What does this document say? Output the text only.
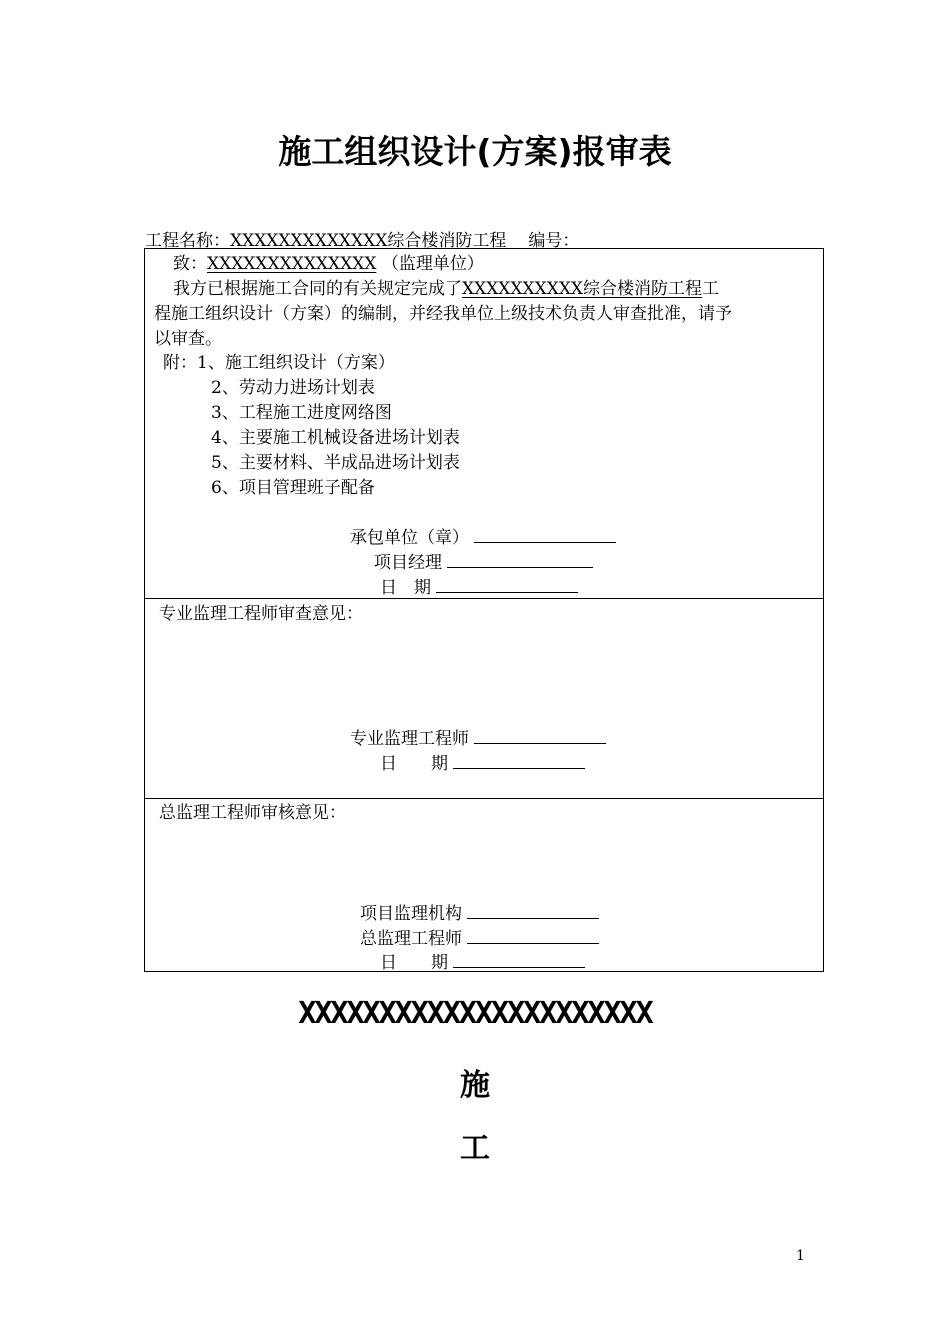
施工组织设计(方案)报审表
工程名称：XXXXXXXXXXXXX综合楼消防工程 编号：
致：XXXXXXXXXXXXXX （监理单位）
我方已根据施工合同的有关规定完成了XXXXXXXXXX综合楼消防工程工
程施工组织设计（方案）的编制，并经我单位上级技术负责人审查批准，请予
以审查。
附：1、施工组织设计（方案）
2、劳动力进场计划表
3、工程施工进度网络图
4、主要施工机械设备进场计划表
5、主要材料、半成品进场计划表
6、项目管理班子配备
承包单位（章）
项目经理
日　期
专业监理工程师审查意见：
专业监理工程师
日　　期
总监理工程师审核意见：
项目监理机构
总监理工程师
日　　期
XXXXXXXXXXXXXXXXXXXXXX
施
工
1
